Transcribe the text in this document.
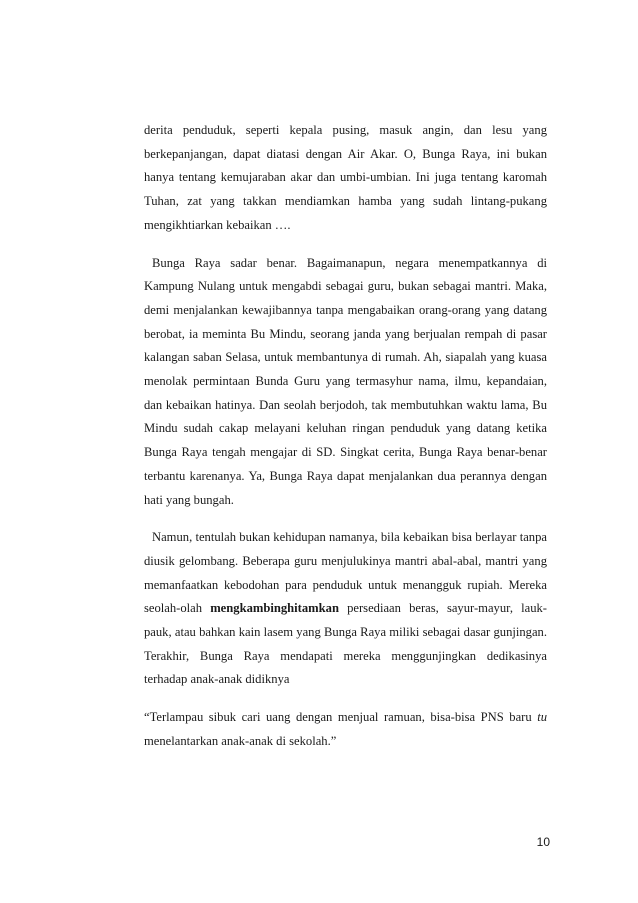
derita penduduk, seperti kepala pusing, masuk angin, dan lesu yang berkepanjangan, dapat diatasi dengan Air Akar. O, Bunga Raya, ini bukan hanya tentang kemujaraban akar dan umbi-umbian. Ini juga tentang karomah Tuhan, zat yang takkan mendiamkan hamba yang sudah lintang-pukang mengikhtiarkan kebaikan ….

Bunga Raya sadar benar. Bagaimanapun, negara menempatkannya di Kampung Nulang untuk mengabdi sebagai guru, bukan sebagai mantri. Maka, demi menjalankan kewajibannya tanpa mengabaikan orang-orang yang datang berobat, ia meminta Bu Mindu, seorang janda yang berjualan rempah di pasar kalangan saban Selasa, untuk membantunya di rumah. Ah, siapalah yang kuasa menolak permintaan Bunda Guru yang termasyhur nama, ilmu, kepandaian, dan kebaikan hatinya. Dan seolah berjodoh, tak membutuhkan waktu lama, Bu Mindu sudah cakap melayani keluhan ringan penduduk yang datang ketika Bunga Raya tengah mengajar di SD. Singkat cerita, Bunga Raya benar-benar terbantu karenanya. Ya, Bunga Raya dapat menjalankan dua perannya dengan hati yang bungah.

Namun, tentulah bukan kehidupan namanya, bila kebaikan bisa berlayar tanpa diusik gelombang. Beberapa guru menjulukinya mantri abal-abal, mantri yang memanfaatkan kebodohan para penduduk untuk menangguk rupiah. Mereka seolah-olah mengkambinghitamkan persediaan beras, sayur-mayur, lauk-pauk, atau bahkan kain lasem yang Bunga Raya miliki sebagai dasar gunjingan. Terakhir, Bunga Raya mendapati mereka menggunjingkan dedikasinya terhadap anak-anak didiknya

“Terlampau sibuk cari uang dengan menjual ramuan, bisa-bisa PNS baru tu menelantarkan anak-anak di sekolah.”

10
